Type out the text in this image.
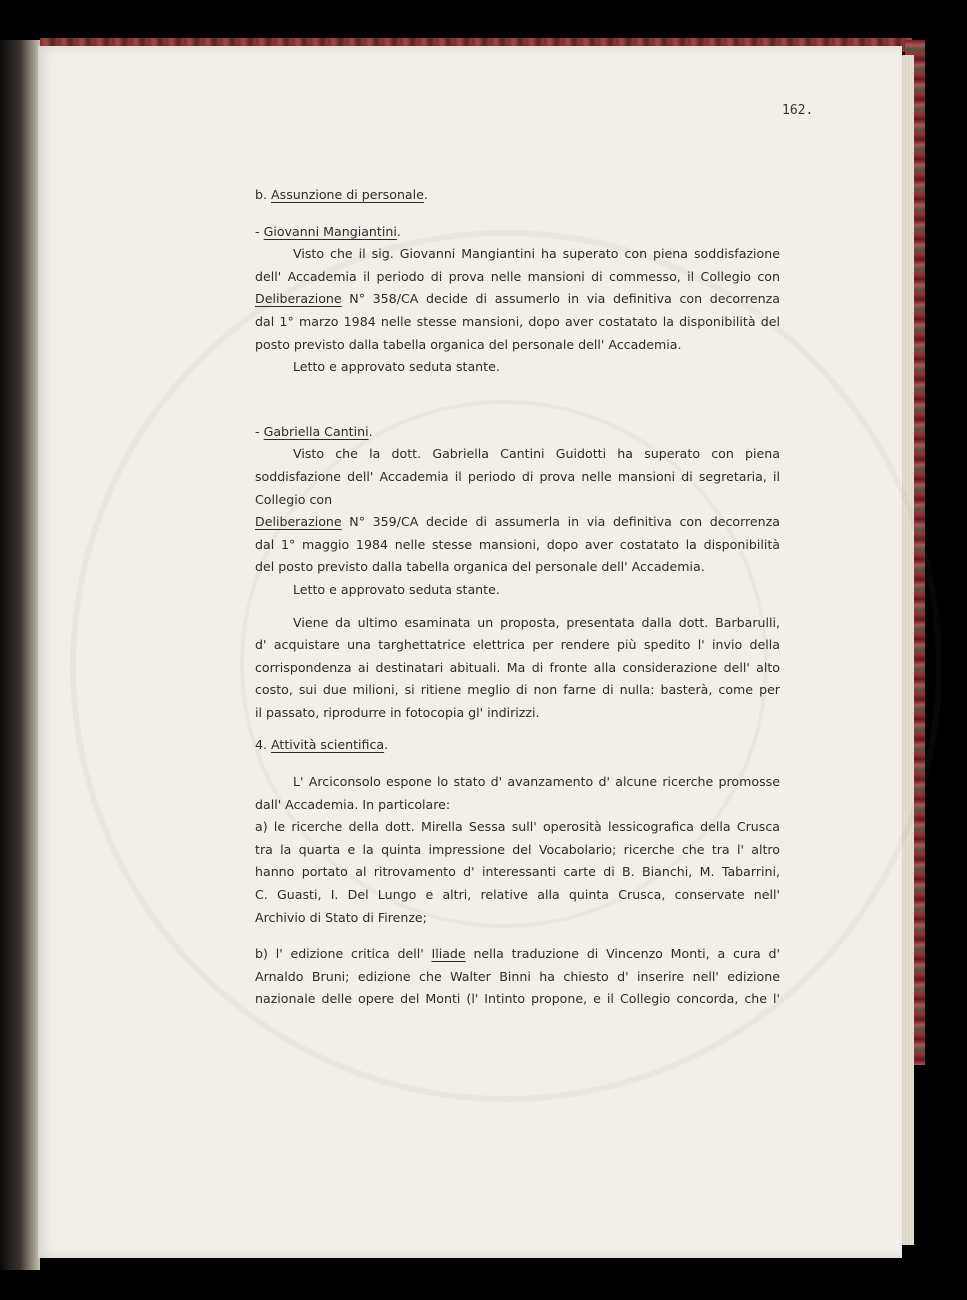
162.
b. Assunzione di personale.
- Giovanni Mangiantini.
Visto che il sig. Giovanni Mangiantini ha superato con piena soddisfazione
dell' Accademia il periodo di prova nelle mansioni di commesso, il Collegio con
Deliberazione N° 358/CA decide di assumerlo in via definitiva con decorrenza
dal 1° marzo 1984 nelle stesse mansioni, dopo aver costatato la disponibilità del
posto previsto dalla tabella organica del personale dell' Accademia.
Letto e approvato seduta stante.
- Gabriella Cantini.
Visto che la dott. Gabriella Cantini Guidotti ha superato con piena
soddisfazione dell' Accademia il periodo di prova nelle mansioni di segretaria, il
Collegio con
Deliberazione N° 359/CA decide di assumerla in via definitiva con decorrenza
dal 1° maggio 1984 nelle stesse mansioni, dopo aver costatato la disponibilità
del posto previsto dalla tabella organica del personale dell' Accademia.
Letto e approvato seduta stante.
Viene da ultimo esaminata un proposta, presentata dalla dott. Barbarulli,
d' acquistare una targhettatrice elettrica per rendere più spedito l' invio della
corrispondenza ai destinatari abituali. Ma di fronte alla considerazione dell' alto
costo, sui due milioni, si ritiene meglio di non farne di nulla: basterà, come per
il passato, riprodurre in fotocopia gl' indirizzi.
4. Attività scientifica.
L' Arciconsolo espone lo stato d' avanzamento d' alcune ricerche promosse
dall' Accademia. In particolare:
a) le ricerche della dott. Mirella Sessa sull' operosità lessicografica della Crusca
tra la quarta e la quinta impressione del Vocabolario; ricerche che tra l' altro
hanno portato al ritrovamento d' interessanti carte di B. Bianchi, M. Tabarrini,
C. Guasti, I. Del Lungo e altri, relative alla quinta Crusca, conservate nell'
Archivio di Stato di Firenze;
b) l' edizione critica dell' Iliade nella traduzione di Vincenzo Monti, a cura d'
Arnaldo Bruni; edizione che Walter Binni ha chiesto d' inserire nell' edizione
nazionale delle opere del Monti (l' Intinto propone, e il Collegio concorda, che l'
